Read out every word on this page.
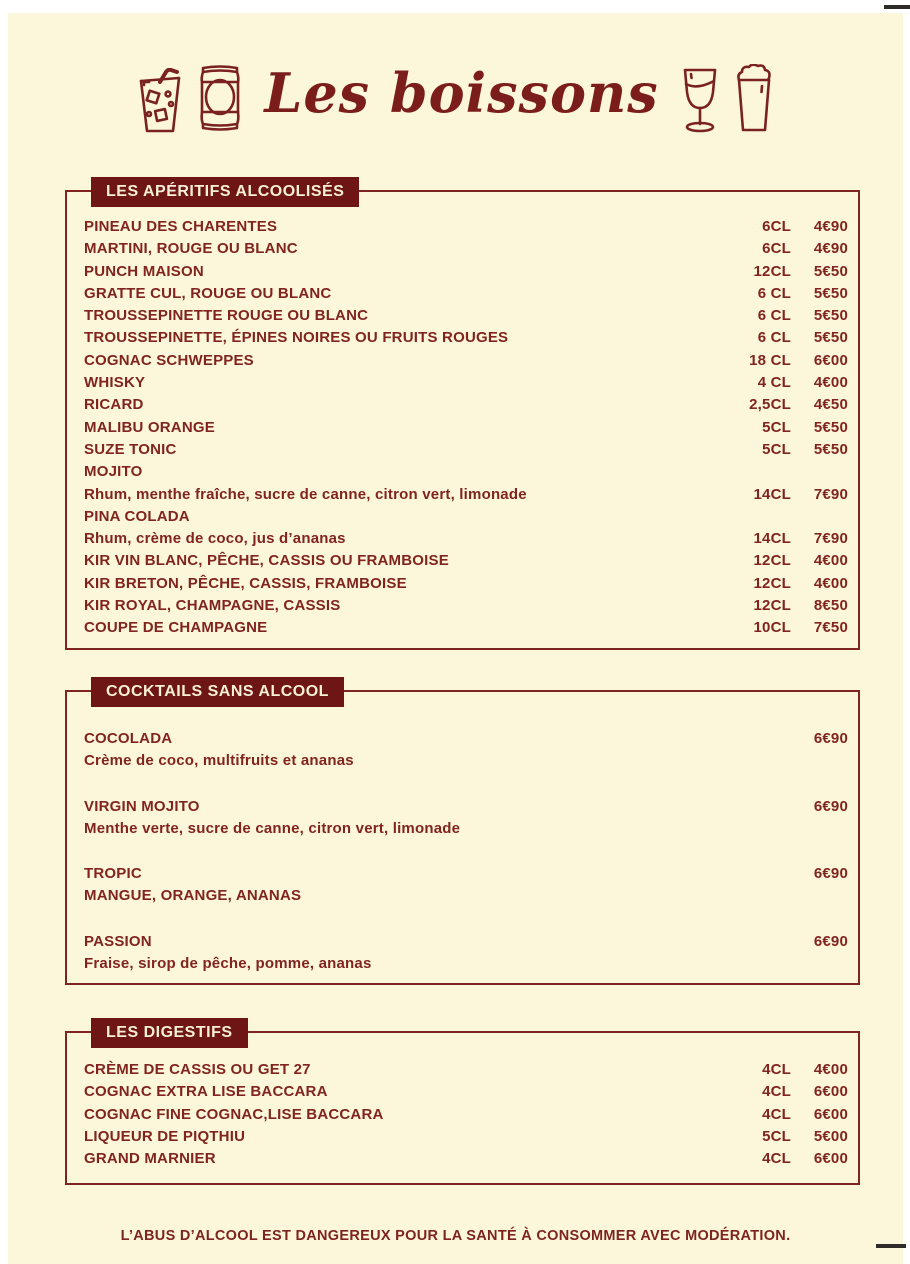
Les boissons
LES APÉRITIFS ALCOOLISÉS
PINEAU DES CHARENTES	6CL	4€90
MARTINI, ROUGE OU BLANC	6CL	4€90
PUNCH MAISON	12CL	5€50
GRATTE CUL, ROUGE OU BLANC	6 CL	5€50
TROUSSEPINETTE ROUGE OU BLANC	6 CL	5€50
TROUSSEPINETTE, ÉPINES NOIRES OU FRUITS ROUGES	6 CL	5€50
COGNAC SCHWEPPES	18 CL	6€00
WHISKY	4 CL	4€00
RICARD	2,5CL	4€50
MALIBU ORANGE	5CL	5€50
SUZE TONIC	5CL	5€50
MOJITO
Rhum, menthe fraîche, sucre de canne, citron vert, limonade	14CL	7€90
PINA COLADA
Rhum, crème de coco, jus d’ananas	14CL	7€90
KIR VIN BLANC, PÊCHE, CASSIS OU FRAMBOISE	12CL	4€00
KIR BRETON, PÊCHE, CASSIS, FRAMBOISE	12CL	4€00
KIR ROYAL, CHAMPAGNE, CASSIS	12CL	8€50
COUPE DE CHAMPAGNE	10CL	7€50
COCKTAILS SANS ALCOOL
COCOLADA	6€90
Crème de coco, multifruits et ananas
VIRGIN MOJITO	6€90
Menthe verte, sucre de canne, citron vert, limonade
TROPIC	6€90
MANGUE, ORANGE, ANANAS
PASSION	6€90
Fraise, sirop de pêche, pomme, ananas
LES DIGESTIFS
CRÈME DE CASSIS OU GET 27	4CL	4€00
COGNAC EXTRA LISE BACCARA	4CL	6€00
COGNAC FINE COGNAC,LISE BACCARA	4CL	6€00
LIQUEUR DE PIQTHIU	5CL	5€00
GRAND MARNIER	4CL	6€00
L’ABUS D’ALCOOL EST DANGEREUX POUR LA SANTÉ À CONSOMMER AVEC MODÉRATION.
